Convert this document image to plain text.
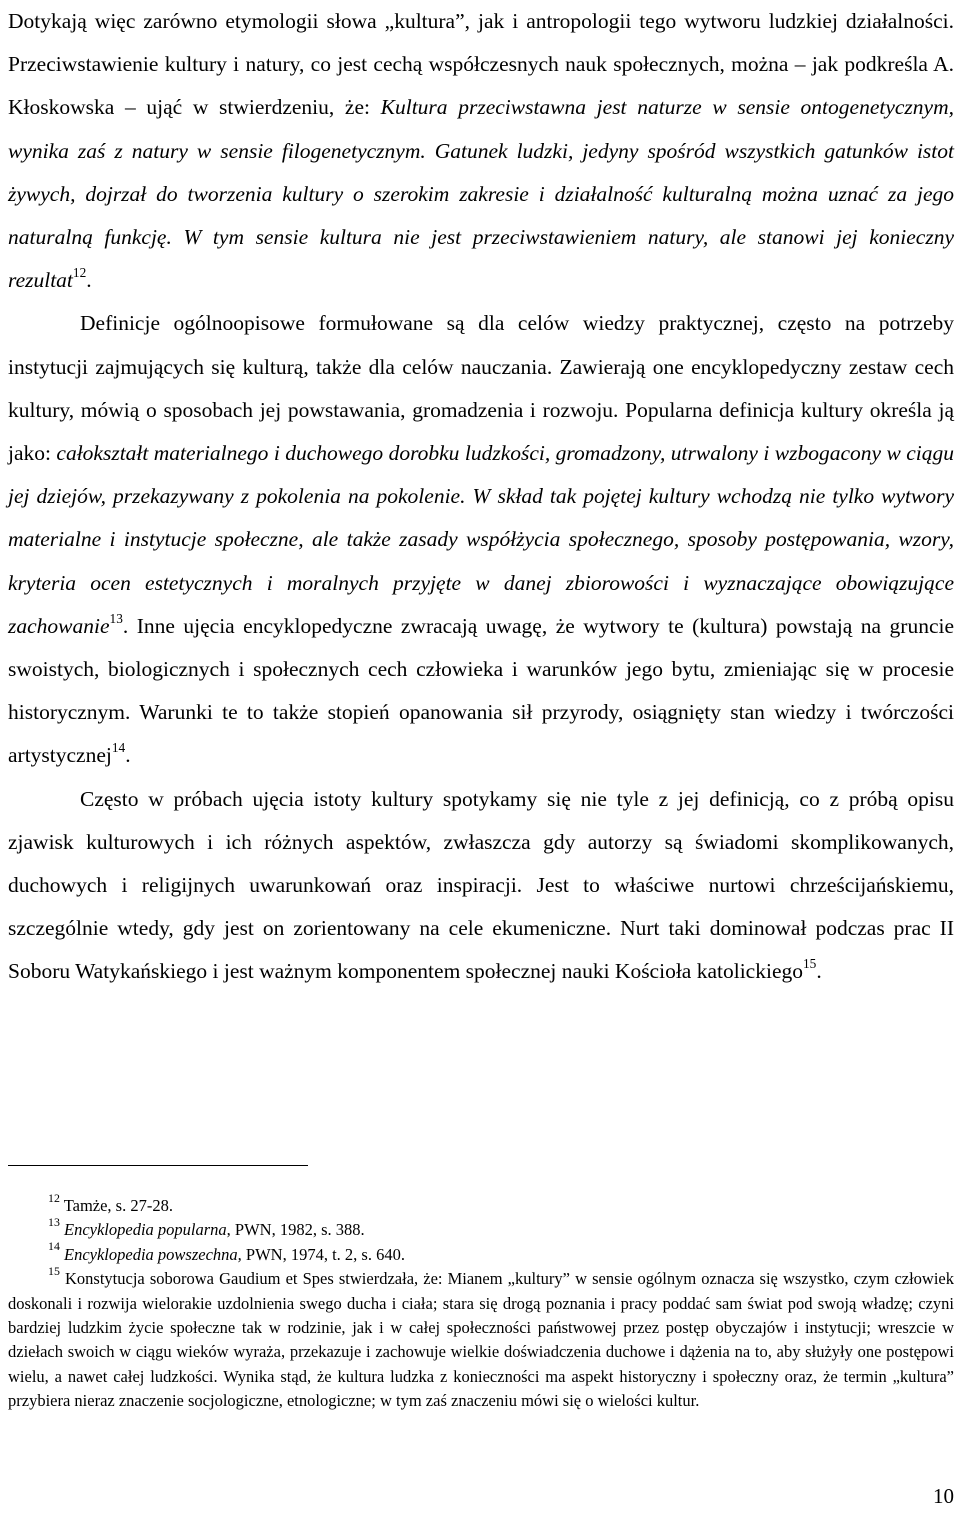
Dotykają więc zarówno etymologii słowa „kultura”, jak i antropologii tego wytworu ludzkiej działalności. Przeciwstawienie kultury i natury, co jest cechą współczesnych nauk społecznych, można – jak podkreśla A. Kłoskowska – ująć w stwierdzeniu, że: Kultura przeciwstawna jest naturze w sensie ontogenetycznym, wynika zaś z natury w sensie filogenetycznym. Gatunek ludzki, jedyny spośród wszystkich gatunków istot żywych, dojrzał do tworzenia kultury o szerokim zakresie i działalność kulturalną można uznać za jego naturalną funkcję. W tym sensie kultura nie jest przeciwstawieniem natury, ale stanowi jej konieczny rezultat$^{12}$.

Definicje ogólnoopisowe formułowane są dla celów wiedzy praktycznej, często na potrzeby instytucji zajmujących się kulturą, także dla celów nauczania. Zawierają one encyklopedyczny zestaw cech kultury, mówią o sposobach jej powstawania, gromadzenia i rozwoju. Popularna definicja kultury określa ją jako: całokształt materialnego i duchowego dorobku ludzkości, gromadzony, utrwalony i wzbogacony w ciągu jej dziejów, przekazywany z pokolenia na pokolenie. W skład tak pojętej kultury wchodzą nie tylko wytwory materialne i instytucje społeczne, ale także zasady współżycia społecznego, sposoby postępowania, wzory, kryteria ocen estetycznych i moralnych przyjęte w danej zbiorowości i wyznaczające obowiązujące zachowanie$^{13}$. Inne ujęcia encyklopedyczne zwracają uwagę, że wytwory te (kultura) powstają na gruncie swoistych, biologicznych i społecznych cech człowieka i warunków jego bytu, zmieniając się w procesie historycznym. Warunki te to także stopień opanowania sił przyrody, osiągnięty stan wiedzy i twórczości artystycznej$^{14}$.

Często w próbach ujęcia istoty kultury spotykamy się nie tyle z jej definicją, co z próbą opisu zjawisk kulturowych i ich różnych aspektów, zwłaszcza gdy autorzy są świadomi skomplikowanych, duchowych i religijnych uwarunkowań oraz inspiracji. Jest to właściwe nurtowi chrześcijańskiemu, szczególnie wtedy, gdy jest on zorientowany na cele ekumeniczne. Nurt taki dominował podczas prac II Soboru Watykańskiego i jest ważnym komponentem społecznej nauki Kościoła katolickiego$^{15}$.

$^{12}$ Tamże, s. 27-28.

$^{13}$ Encyklopedia popularna, PWN, 1982, s. 388.

$^{14}$ Encyklopedia powszechna, PWN, 1974, t. 2, s. 640.

$^{15}$ Konstytucja soborowa Gaudium et Spes stwierdzała, że: Mianem „kultury” w sensie ogólnym oznacza się wszystko, czym człowiek doskonali i rozwija wielorakie uzdolnienia swego ducha i ciała; stara się drogą poznania i pracy poddać sam świat pod swoją władzę; czyni bardziej ludzkim życie społeczne tak w rodzinie, jak i w całej społeczności państwowej przez postęp obyczajów i instytucji; wreszcie w dziełach swoich w ciągu wieków wyraża, przekazuje i zachowuje wielkie doświadczenia duchowe i dążenia na to, aby służyły one postępowi wielu, a nawet całej ludzkości. Wynika stąd, że kultura ludzka z konieczności ma aspekt historyczny i społeczny oraz, że termin „kultura” przybiera nieraz znaczenie socjologiczne, etnologiczne; w tym zaś znaczeniu mówi się o wielości kultur.

10
